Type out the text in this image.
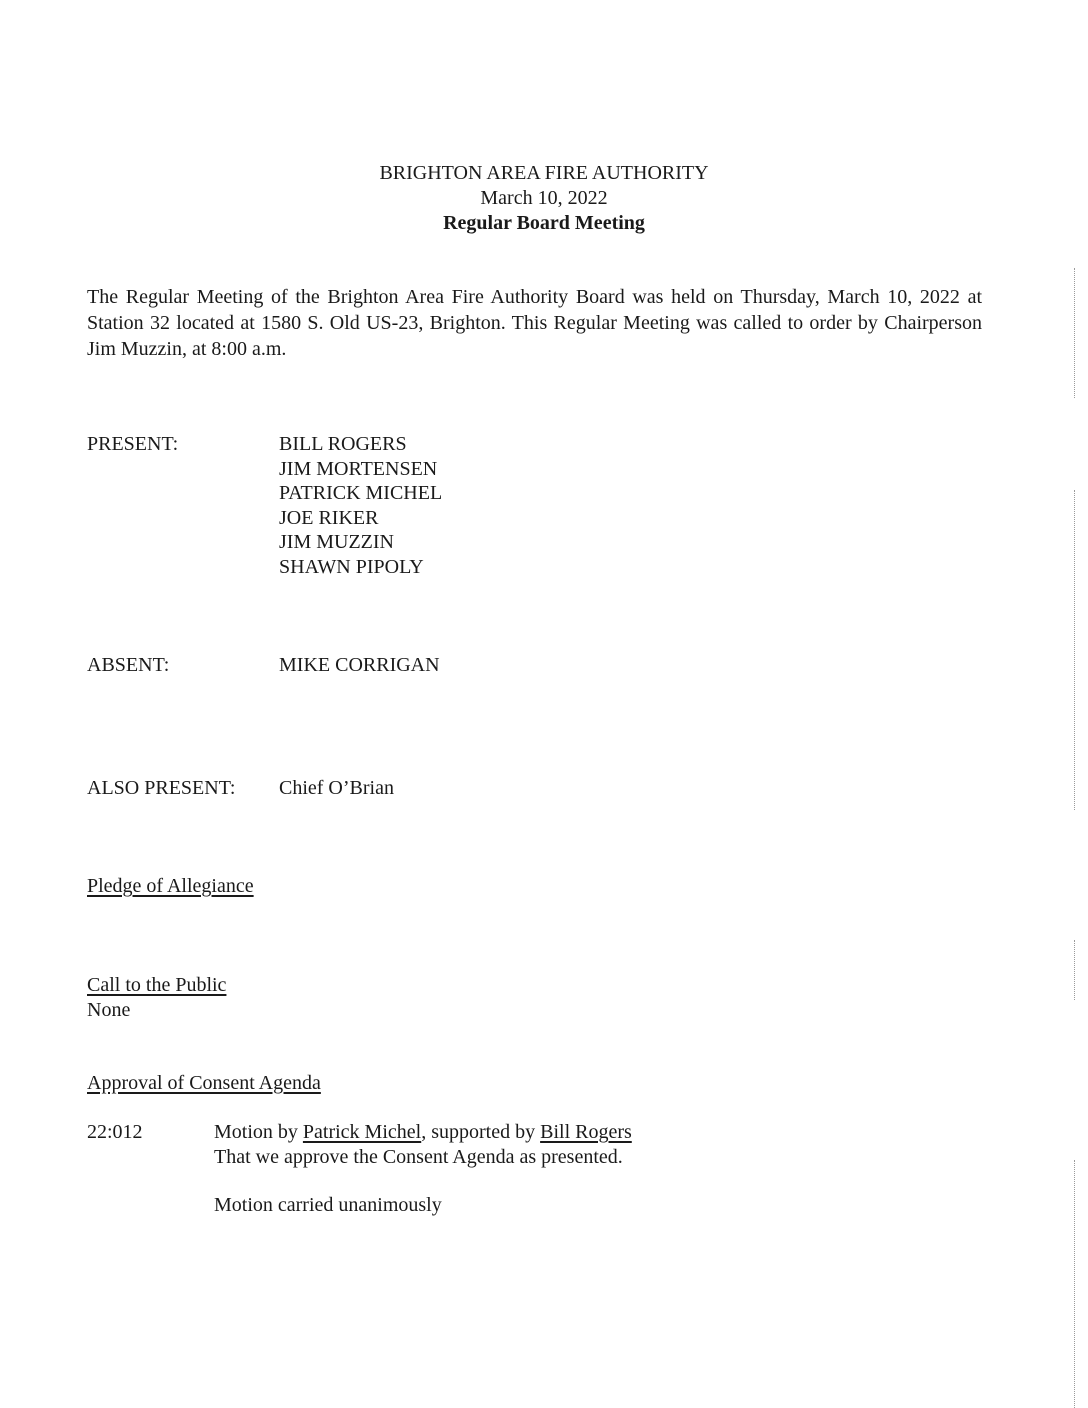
BRIGHTON AREA FIRE AUTHORITY
March 10, 2022
Regular Board Meeting
The Regular Meeting of the Brighton Area Fire Authority Board was held on Thursday, March 10, 2022 at Station 32 located at 1580 S. Old US-23, Brighton. This Regular Meeting was called to order by Chairperson Jim Muzzin, at 8:00 a.m.
PRESENT:	BILL ROGERS
JIM MORTENSEN
PATRICK MICHEL
JOE RIKER
JIM MUZZIN
SHAWN PIPOLY
ABSENT:	MIKE CORRIGAN
ALSO PRESENT: Chief O’Brian
Pledge of Allegiance
Call to the Public
None
Approval of Consent Agenda
22:012	Motion by Patrick Michel, supported by Bill Rogers
That we approve the Consent Agenda as presented.
Motion carried unanimously
